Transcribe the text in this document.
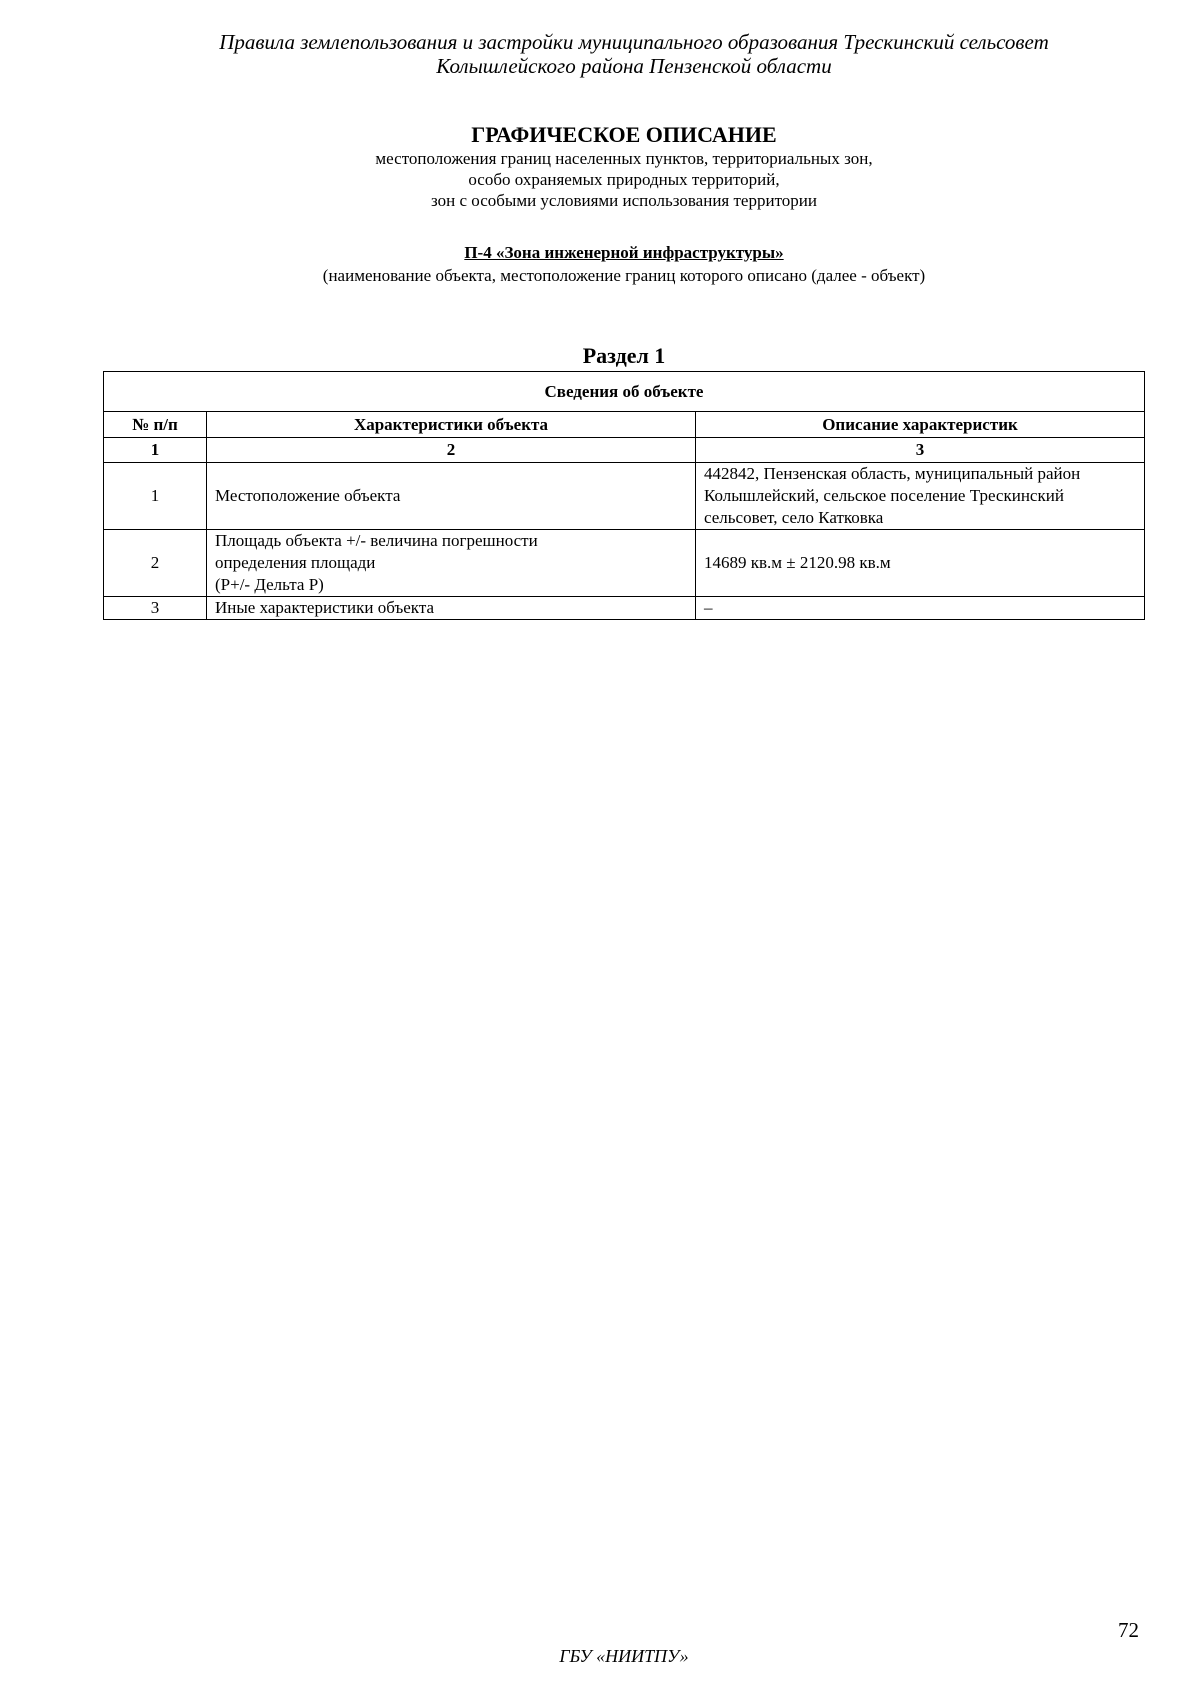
Правила землепользования и застройки муниципального образования Трескинский сельсовет
Колышлейского района Пензенской области
ГРАФИЧЕСКОЕ ОПИСАНИЕ
местоположения границ населенных пунктов, территориальных зон,
особо охраняемых природных территорий,
зон с особыми условиями использования территории
П-4 «Зона инженерной инфраструктуры»
(наименование объекта, местоположение границ которого описано (далее - объект)
Раздел 1
Сведения об объекте		
№ п/п	Характеристики объекта	Описание характеристик
1	2	3
1	Местоположение объекта	442842, Пензенская область, муниципальный район
Колышлейский, сельское поселение Трескинский
сельсовет, село Катковка

2	Площадь объекта +/- величина погрешности
определения площади
(Р+/- Дельта Р)	14689 кв.м ± 2120.98 кв.м

3	Иные характеристики объекта	–
72
ГБУ «НИИТПУ»
